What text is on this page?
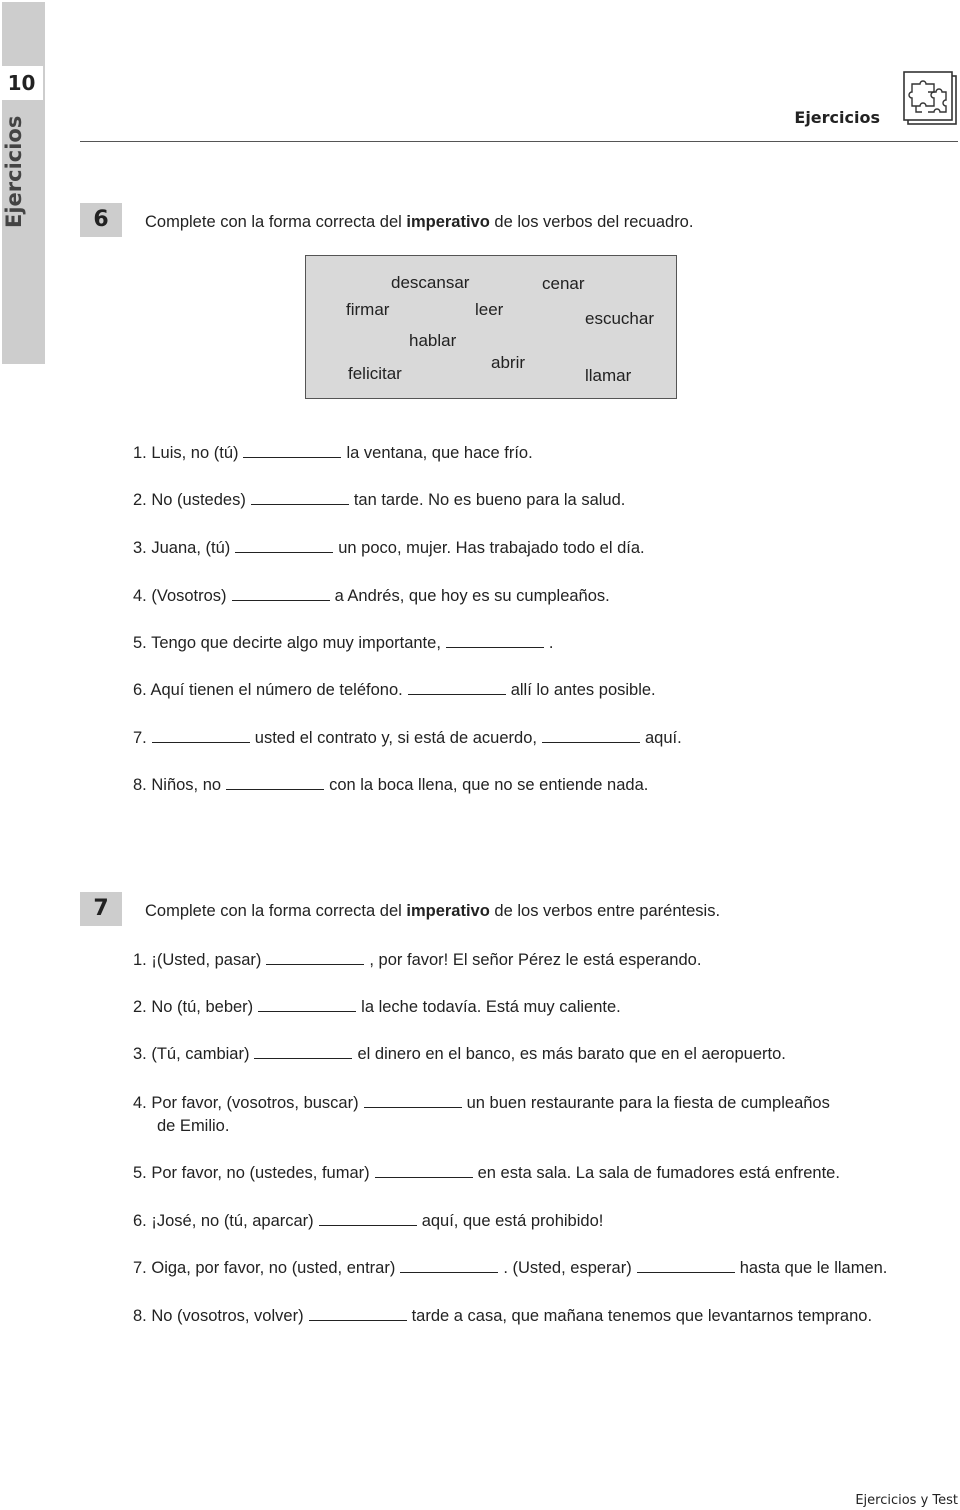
10
Ejercicios	Ejercicios
6	Complete con la forma correcta del imperativo de los verbos del recuadro.
descansar	cenar
firmar	leer	escuchar
hablar
abrir
felicitar	llamar
1. Luis, no (tú)	la ventana, que hace frío.
2. No (ustedes)	tan tarde. No es bueno para la salud.
3. Juana, (tú)	un poco, mujer. Has trabajado todo el día.
4. (Vosotros)	a Andrés, que hoy es su cumpleaños.
5. Tengo que decirte algo muy importante,	.
6. Aquí tienen el número de teléfono.	allí lo antes posible.
7.	usted el contrato y, si está de acuerdo,	aquí.
8. Niños, no	con la boca llena, que no se entiende nada.
7	Complete con la forma correcta del imperativo de los verbos entre paréntesis.
1. ¡(Usted, pasar)	, por favor! El señor Pérez le está esperando.
2. No (tú, beber)	la leche todavía. Está muy caliente.
3. (Tú, cambiar)	el dinero en el banco, es más barato que en el aeropuerto.
4. Por favor, (vosotros, buscar)	un buen restaurante para la fiesta de cumpleaños
de Emilio.
5. Por favor, no (ustedes, fumar)	en esta sala. La sala de fumadores está enfrente.
6. ¡José, no (tú, aparcar)	aquí, que está prohibido!
7. Oiga, por favor, no (usted, entrar)	. (Usted, esperar)	hasta que le llamen.
8. No (vosotros, volver)	tarde a casa, que mañana tenemos que levantarnos temprano.
Ejercicios y Test
